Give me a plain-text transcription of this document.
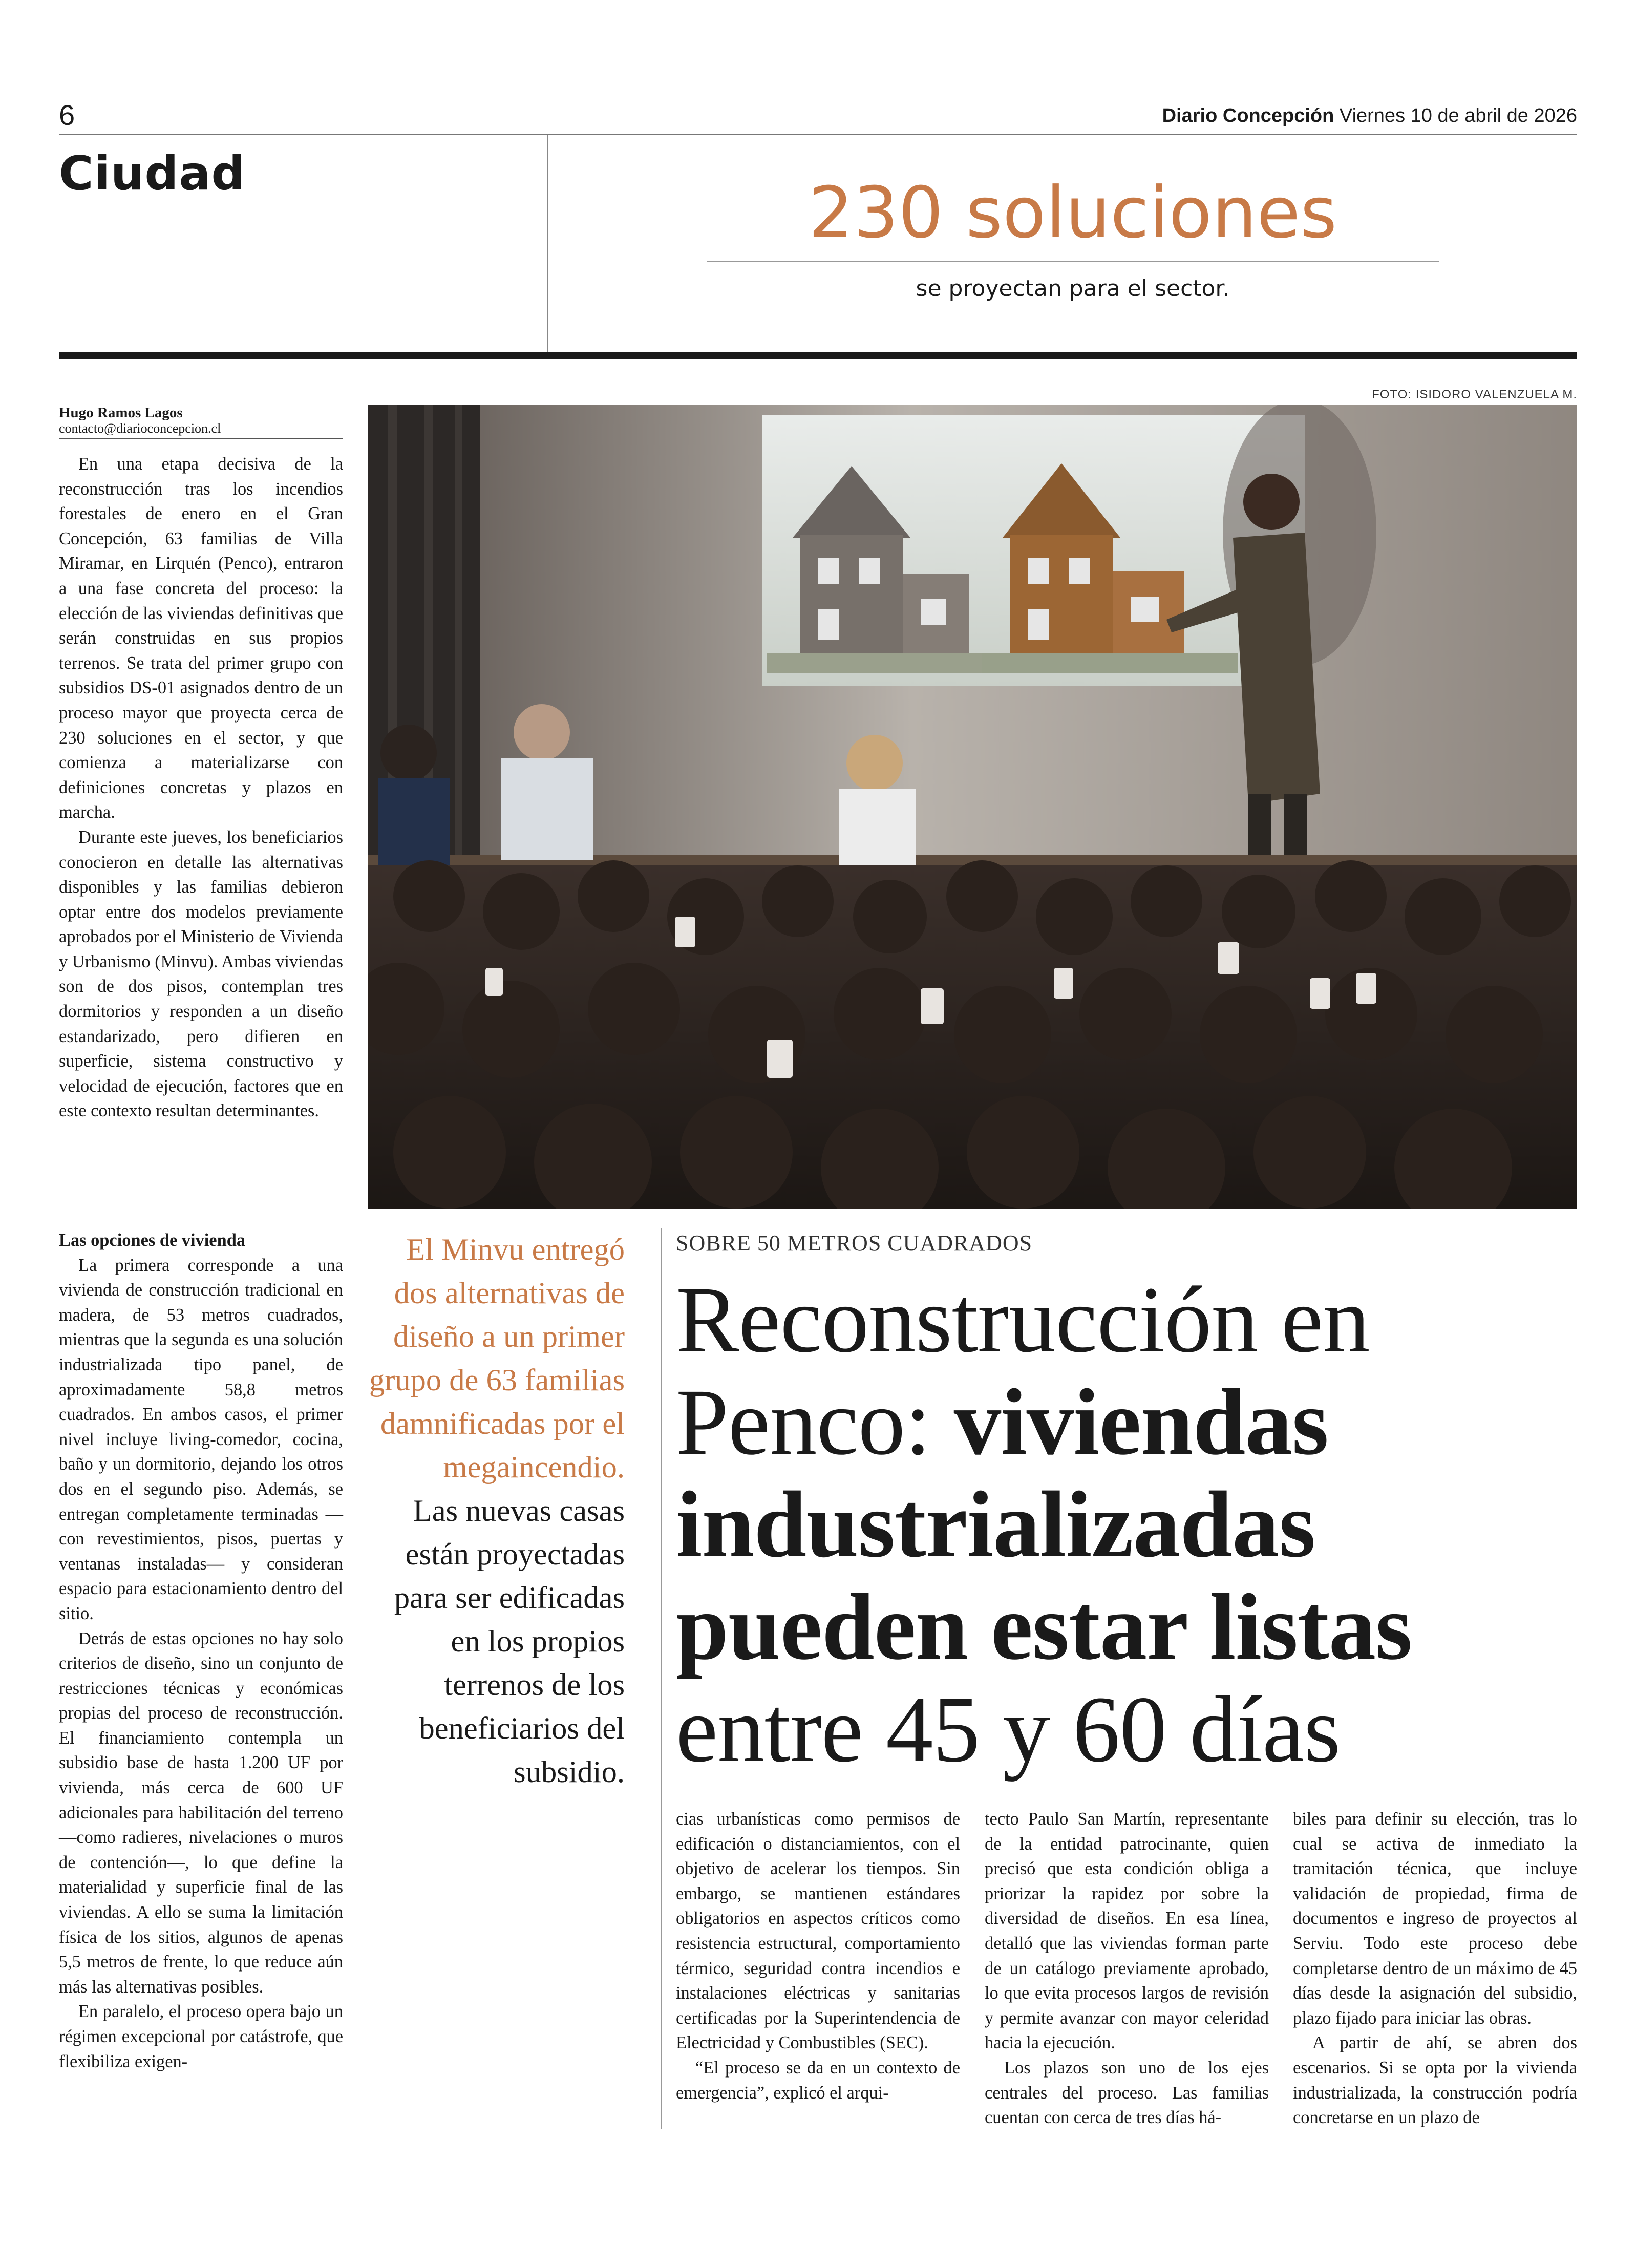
6	Diario Concepción Viernes 10 de abril de 2026
Ciudad	230 soluciones
se proyectan para el sector.
Hugo Ramos Lagos
contacto@diarioconcepcion.cl

En una etapa decisiva de la reconstrucción tras los incendios forestales de enero en el Gran Concepción, 63 familias de Villa Miramar, en Lirquén (Penco), entraron a una fase concreta del proceso: la elección de las viviendas definitivas que serán construidas en sus propios terrenos. Se trata del primer grupo con subsidios DS-01 asignados dentro de un proceso mayor que proyecta cerca de 230 soluciones en el sector, y que comienza a materializarse con definiciones concretas y plazos en marcha.

Durante este jueves, los beneficiarios conocieron en detalle las alternativas disponibles y las familias debieron optar entre dos modelos previamente aprobados por el Ministerio de Vivienda y Urbanismo (Minvu). Ambas viviendas son de dos pisos, contemplan tres dormitorios y responden a un diseño estandarizado, pero difieren en superficie, sistema constructivo y velocidad de ejecución, factores que en este contexto resultan determinantes.

Las opciones de vivienda

La primera corresponde a una vivienda de construcción tradicional en madera, de 53 metros cuadrados, mientras que la segunda es una solución industrializada tipo panel, de aproximadamente 58,8 metros cuadrados. En ambos casos, el primer nivel incluye living-comedor, cocina, baño y un dormitorio, dejando los otros dos en el segundo piso. Además, se entregan completamente terminadas —con revestimientos, pisos, puertas y ventanas instaladas— y consideran espacio para estacionamiento dentro del sitio.

Detrás de estas opciones no hay solo criterios de diseño, sino un conjunto de restricciones técnicas y económicas propias del proceso de reconstrucción. El financiamiento contempla un subsidio base de hasta 1.200 UF por vivienda, más cerca de 600 UF adicionales para habilitación del terreno —como radieres, nivelaciones o muros de contención—, lo que define la materialidad y superficie final de las viviendas. A ello se suma la limitación física de los sitios, algunos de apenas 5,5 metros de frente, lo que reduce aún más las alternativas posibles.

En paralelo, el proceso opera bajo un régimen excepcional por catástrofe, que flexibiliza exigen-

FOTO: ISIDORO VALENZUELA M.
El Minvu entregó dos alternativas de diseño a un primer grupo de 63 familias damnificadas por el megaincendio.
Las nuevas casas están proyectadas para ser edificadas en los propios terrenos de los beneficiarios del subsidio.
SOBRE 50 METROS CUADRADOS
Reconstrucción en Penco: viviendas industrializadas pueden estar listas entre 45 y 60 días

cias urbanísticas como permisos de edificación o distanciamientos, con el objetivo de acelerar los tiempos. Sin embargo, se mantienen estándares obligatorios en aspectos críticos como resistencia estructural, comportamiento térmico, seguridad contra incendios e instalaciones eléctricas y sanitarias certificadas por la Superintendencia de Electricidad y Combustibles (SEC).

“El proceso se da en un contexto de emergencia”, explicó el arqui-

tecto Paulo San Martín, representante de la entidad patrocinante, quien precisó que esta condición obliga a priorizar la rapidez por sobre la diversidad de diseños. En esa línea, detalló que las viviendas forman parte de un catálogo previamente aprobado, lo que evita procesos largos de revisión y permite avanzar con mayor celeridad hacia la ejecución.

Los plazos son uno de los ejes centrales del proceso. Las familias cuentan con cerca de tres días há-

biles para definir su elección, tras lo cual se activa de inmediato la tramitación técnica, que incluye validación de propiedad, firma de documentos e ingreso de proyectos al Serviu. Todo este proceso debe completarse dentro de un máximo de 45 días desde la asignación del subsidio, plazo fijado para iniciar las obras.

A partir de ahí, se abren dos escenarios. Si se opta por la vivienda industrializada, la construcción podría concretarse en un plazo de
